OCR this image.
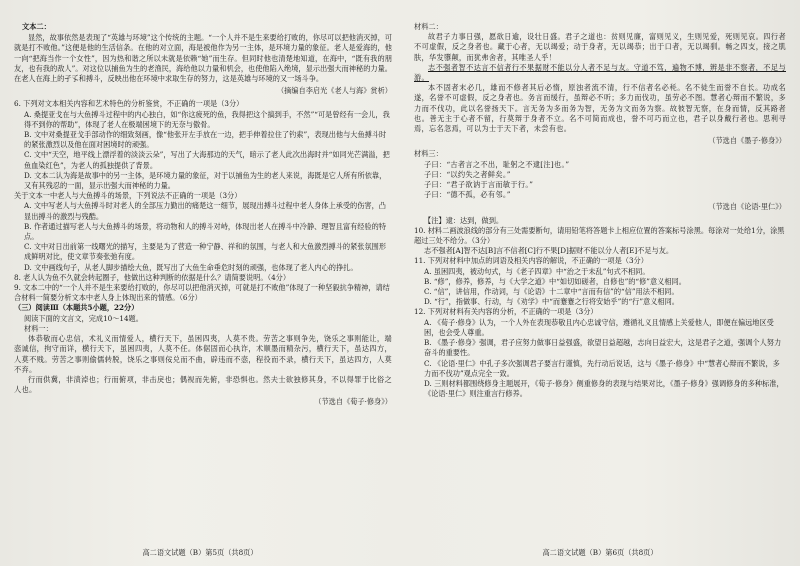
文本二：

显然，故事依然是表现了“英雄与环境”这个传统的主题。“一个人并不是生来要给打败的，你尽可以把他消灭掉，可就是打不败他。”这便是他的生活信条。在他的对立面，海是被他作为另一主体，是环境力量的象征。老人是爱海的，他一向“把海当作一个女性”，因为热和谐之所以未就是依赖“她”而生存。但同时他也清楚地知道，在海中，“既有我的朋友，也有我的敌人”。对这位以捕鱼为生的老渔民，海给他以力量和机会，也使他陷入绝境，显示出强大而神秘的力量。在老人在海上的孑孓和搏斗，反映出他在环境中求取生存的努力，这是英雄与环境的又一场斗争。

（摘编自李启光《老人与海》赏析）

6. 下列对文本相关内容和艺术特色的分析鉴赏，不正确的一项是（3分）

A. 桑提亚戈在与大鱼搏斗过程中的内心独白，如“你这疲死的鱼，我得把这个搞到手，不然”“可是曾经有一会儿，我得不到你的帮助”，体现了老人在极端困境下的无奈与傲骨。

B. 文中对桑提亚戈手部动作的细致刻画，像“他张开左手放在一边，把手伸着拉住了钓索”，表现出他与大鱼搏斗时的紧张激烈以及他在面对困境时的顽强。

C. 文中“天空，地平线上漂浮着的淡淡云朵”，写出了大海那边的天气，暗示了老人此次出海时并“如同光芒满溢，把鱼血染红色”，为老人的孤独提供了背景。

D. 文本二认为海是故事中的另一主体，是环境力量的象征，对于以捕鱼为生的老人来说，海既是它人所有所依靠，又有其残忍的一面，显示出强大而神秘的力量。

关于文本一中老人与大鱼搏斗的场景，下列说法不正确的一项是（3分）

A. 文中写老人与大鱼搏斗时对老人的全部压力勤出的痛楚这一细节，展现出搏斗过程中老人身体上承受的伤害，凸显出搏斗的激烈与残酷。

B. 作者通过描写老人与大鱼搏斗的场景，将动物和人的搏斗对峙，体现出老人在搏斗中冷静、理智且富有经验的特点。

C. 文中对日出前第一线曙光的描写，主要是为了营造一种宁静、祥和的氛围，与老人和大鱼激烈搏斗的紧张氛围形成鲜明对比，使文章节奏张弛有度。

D. 文中画线句子，从老人脚步描绘大鱼，既写出了大鱼生命垂危时刻的顽强，也体现了老人内心的挣扎。

8. 老人认为鱼不久就会转起圈子，他做出这种判断的依据是什么？请简要说明。（4分）

9. 文本二中的“一个人并不是生来要给打败的，你尽可以把他消灭掉，可就是打不败他”体现了一种坚毅抗争精神，请结合材料一简要分析文本中老人身上体现出来的情感。（6分）

（三）阅读Ⅲ（本题共5小题，22分）

阅读下面的文言文，完成10～14题。

材料一：

体恭敬而心忠信，术礼义而情爱人，横行天下，虽困四夷，人莫不贵。劳苦之事则争先，饶乐之事则能让，端悫诚信，拘守而详，横行天下，虽困四夷，人莫不任。体倨固而心执诈，术顺墨而精杂污，横行天下，虽达四方，人莫不贱。劳苦之事则偷儒转脱，饶乐之事则佞兑而不曲，辟违而不悫，程役而不录，横行天下，虽达四方，人莫不弃。

行而供冀，非渍淖也；行而俯项，非击戾也；偶视而先俯，非恐惧也。然夫士欲独修其身，不以得罪于比俗之人也。

（节选自《荀子·修身》）

材料二：

故君子力事日强，愿欲日逾，设壮日盛。君子之道也：贫则见廉，富则见义，生则见爱，死则见哀。四行者不可虚假，反之身者也。藏于心者，无以竭爱；动于身者，无以竭恭；出于口者，无以竭驯。畅之四支，接之肌肤，华发隳颠，而犹弗舍者，其唯圣人乎！

志不强者智不达言不信者行不果据财不能以分人者不足与友。守道不笃，遍物不博，辨是非不察者，不足与游。

本不固者末必几，雄而不修者其后必惰，原浊者流不清，行不信者名必秏。名不徒生而誉不自长。功成名遂，名誉不可虚假，反之身者也。务言而缓行，虽辩必不听；多力而伐功，虽劳必不图。慧者心辩而不繁说，多力而不伐功，此以名誉扬天下。言无务为多而务为智，无务为文而务为察。故彼智无察，在身而情，反其路者也。善无主于心者不留，行莫辩于身者不立。名不可简而成也，誉不可巧而立也，君子以身戴行者也。思利寻焉，忘名忽焉，可以为士于天下者，未尝有也。

（节选自《墨子·修身》）

材料三：

子曰：“古者言之不出，耻躬之不逮[注]也。”

子曰：“以约失之者鲜矣。”

子曰：“君子欲讷于言而敏于行。”

子曰：“德不孤，必有邻。”

（节选自《论语·里仁》）

【注】逮：达到，做到。

10. 材料二画波浪线的部分有三处需要断句，请用铅笔将答题卡上相应位置的答案标号涂黑。每涂对一处给1分，涂黑超过三处不给分。（3分）

志不强者[A]智不达[B]言不信者[C]行不果[D]据财不能以分人者[E]不足与友。

11. 下列对材料中加点的词语及相关内容的解说，不正确的一项是（3分）

A. 虽困四夷，被动句式，与《老子四章》中“治之于未乱”句式不相同。

B. “修”，修养，修养，与《大学之道》中“如切如磋者，自修也”的“修”意义相同。

C. “信”，讲信用，作动词，与《论语》十二章中“言而有信”的“信”用法不相同。

D. “行”，指做事、行动，与《劝学》中“而蹇蹇之行将安始乎”的“行”意义相同。

12. 下列对材料有关内容的分析，不正确的一项是（3分）

A. 《荀子·修身》认为，一个人外在表现恭敬且内心忠诚守信，遵循礼义且情感上关爱他人，即便在偏远地区受困，也会受人尊重。

B. 《墨子·修身》强调，君子应努力做事日益强盛，欲望日益超越，志向日益宏大，这是君子之道，强调个人努力奋斗的重要性。

C. 《论语·里仁》中孔子多次强调君子要言行谨慎，先行动后说话，这与《墨子·修身》中“慧者心辩而不繁说，多力而不伐功”观点完全一致。

D. 三则材料都围绕修身主题展开，《荀子·修身》侧重修身的表现与结果对比，《墨子·修身》强调修身的多种标准，《论语·里仁》则注重言行修养。

高二语文试题（B）第5页（共8页）	高二语文试题（B）第6页（共8页）
